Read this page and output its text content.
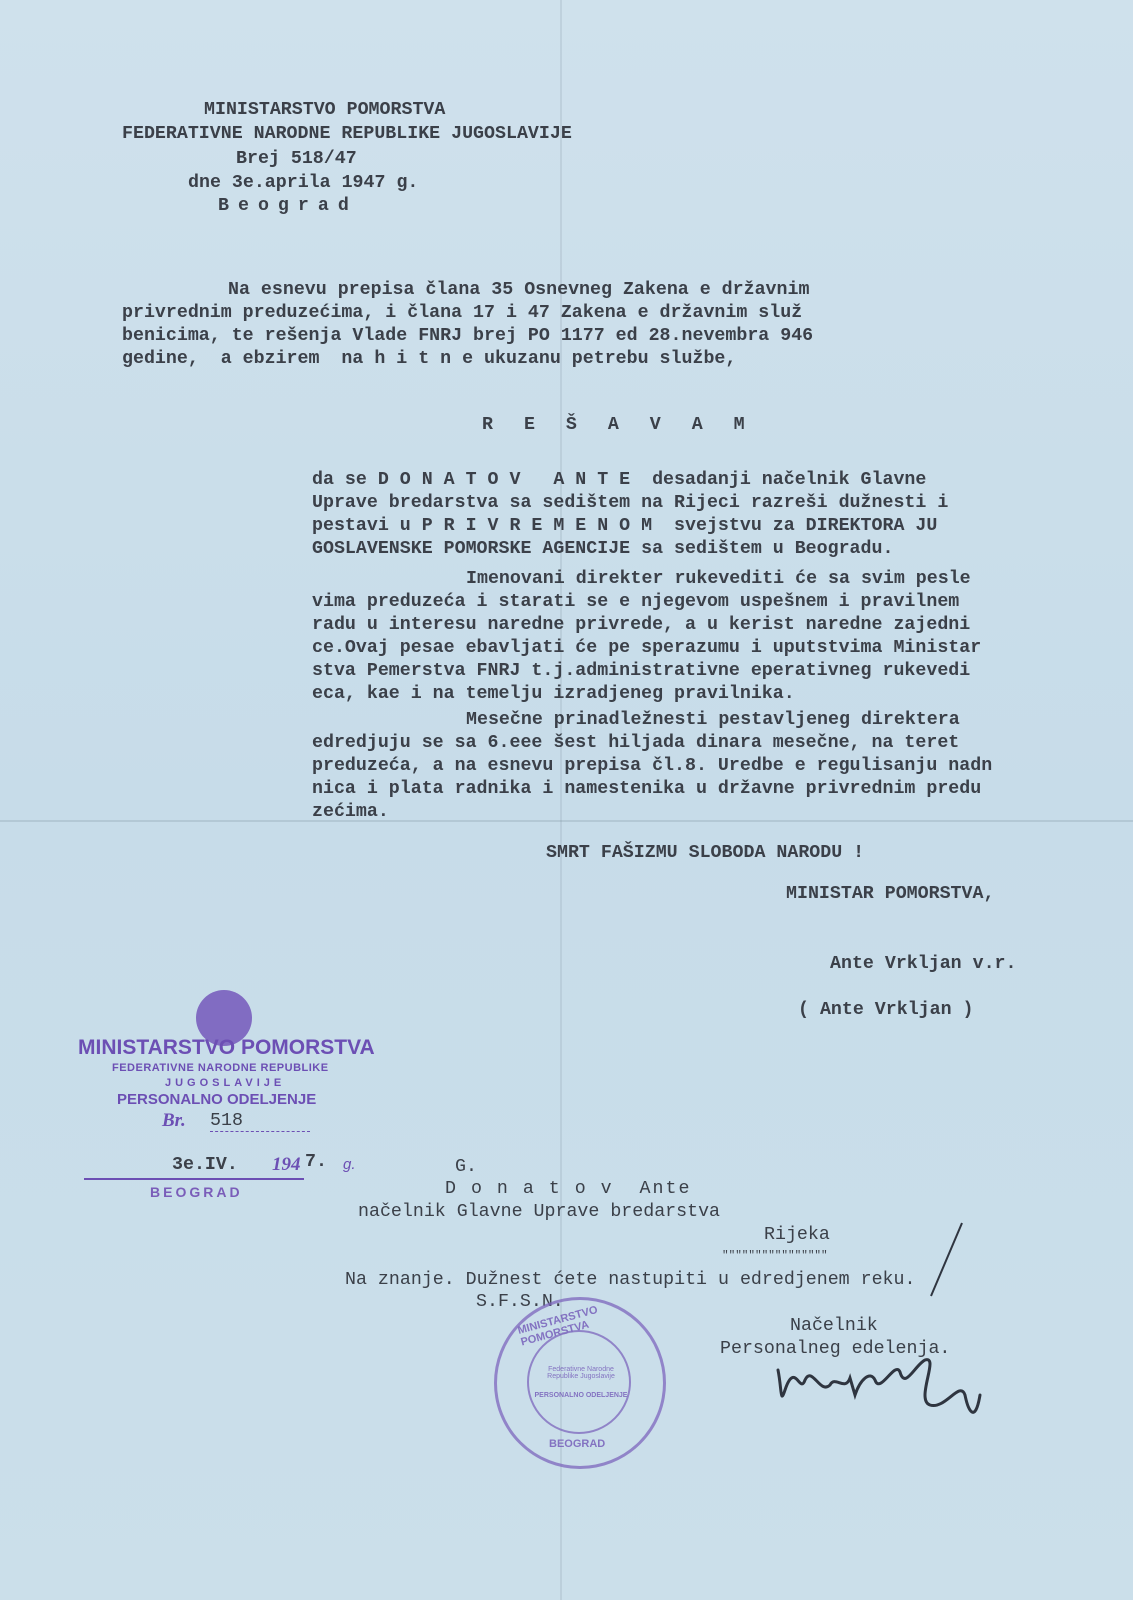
MINISTARSTVO POMORSTVA
FEDERATIVNE NARODNE REPUBLIKE JUGOSLAVIJE
Brej 518/47
dne 3e.aprila 1947 g.
Beograd
Na esnevu prepisa člana 35 Osnevneg Zakena e državnim
privrednim preduzećima, i člana 17 i 47 Zakena e državnim služ
benicima, te rešenja Vlade FNRJ brej PO 1177 ed 28.nevembra 946
gedine,  a ebzirem  na h i t n e ukuzanu petrebu službe,
R E Š A V A M
da se D O N A T O V   A N T E  desadanji načelnik Glavne
Uprave bredarstva sa sedištem na Rijeci razreši dužnesti i
pestavi u P R I V R E M E N O M  svejstvu za DIREKTORA JU
GOSLAVENSKE POMORSKE AGENCIJE sa sedištem u Beogradu.
Imenovani direkter rukevediti će sa svim pesle
vima preduzeća i starati se e njegevom uspešnem i pravilnem
radu u interesu naredne privrede, a u kerist naredne zajedni
ce.Ovaj pesae ebavljati će pe sperazumu i uputstvima Ministar
stva Pemerstva FNRJ t.j.administrativne eperativneg rukevedi
eca, kae i na temelju izradjeneg pravilnika.
Mesečne prinadležnesti pestavljeneg direktera
edredjuju se sa 6.eee šest hiljada dinara mesečne, na teret
preduzeća, a na esnevu prepisa čl.8. Uredbe e regulisanju nadn
nica i plata radnika i namestenika u državne privrednim predu
zećima.
SMRT FAŠIZMU SLOBODA NARODU !
MINISTAR POMORSTVA,
Ante Vrkljan v.r.
( Ante Vrkljan )
MINISTARSTVO POMORSTVA
FEDERATIVNE NARODNE REPUBLIKE
JUGOSLAVIJE
PERSONALNO ODELJENJE
Br. 518
3e.IV. 194 7. g.
BEOGRAD
G.
D o n a t o v  Ante
načelnik Glavne Uprave bredarstva
Rijeka
""""""""""""""""
Na znanje. Dužnest ćete nastupiti u edredjenem reku.
S.F.S.N.
Načelnik
Personalneg edelenja.
MINISTARSTVO POMORSTVA
Federativne Narodne Republike Jugoslavije
PERSONALNO ODELJENJE
BEOGRAD
